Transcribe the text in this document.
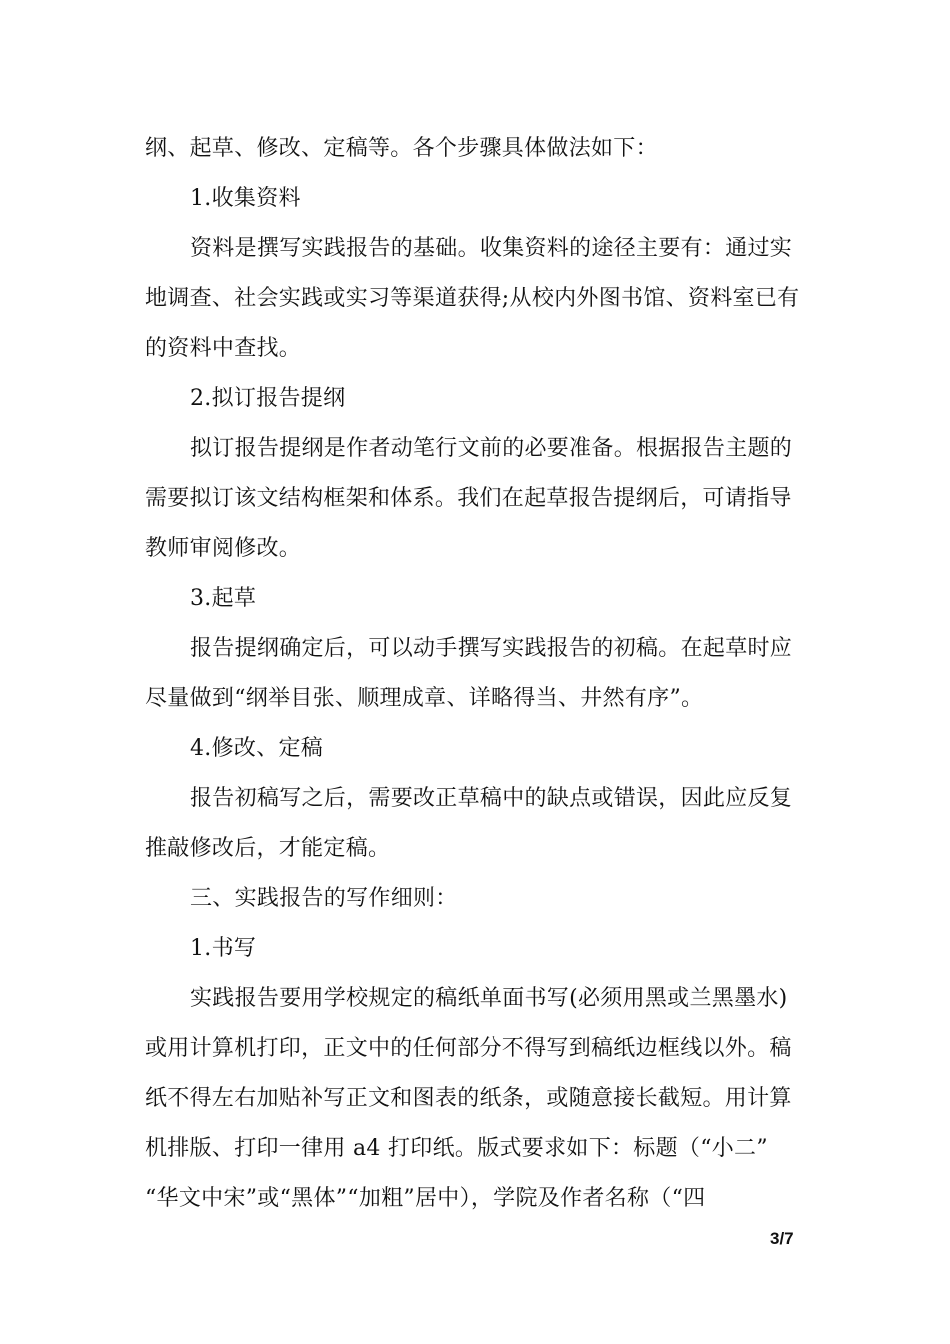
纲、起草、修改、定稿等。各个步骤具体做法如下：
1.收集资料
资料是撰写实践报告的基础。收集资料的途径主要有：通过实
地调查、社会实践或实习等渠道获得;从校内外图书馆、资料室已有
的资料中查找。
2.拟订报告提纲
拟订报告提纲是作者动笔行文前的必要准备。根据报告主题的
需要拟订该文结构框架和体系。我们在起草报告提纲后，可请指导
教师审阅修改。
3.起草
报告提纲确定后，可以动手撰写实践报告的初稿。在起草时应
尽量做到“纲举目张、顺理成章、详略得当、井然有序”。
4.修改、定稿
报告初稿写之后，需要改正草稿中的缺点或错误，因此应反复
推敲修改后，才能定稿。
三、实践报告的写作细则：
1.书写
实践报告要用学校规定的稿纸单面书写(必须用黑或兰黑墨水)
或用计算机打印，正文中的任何部分不得写到稿纸边框线以外。稿
纸不得左右加贴补写正文和图表的纸条，或随意接长截短。用计算
机排版、打印一律用 a4 打印纸。版式要求如下：标题（“小二”
“华文中宋”或“黑体”“加粗”居中），学院及作者名称（“四
3/7
